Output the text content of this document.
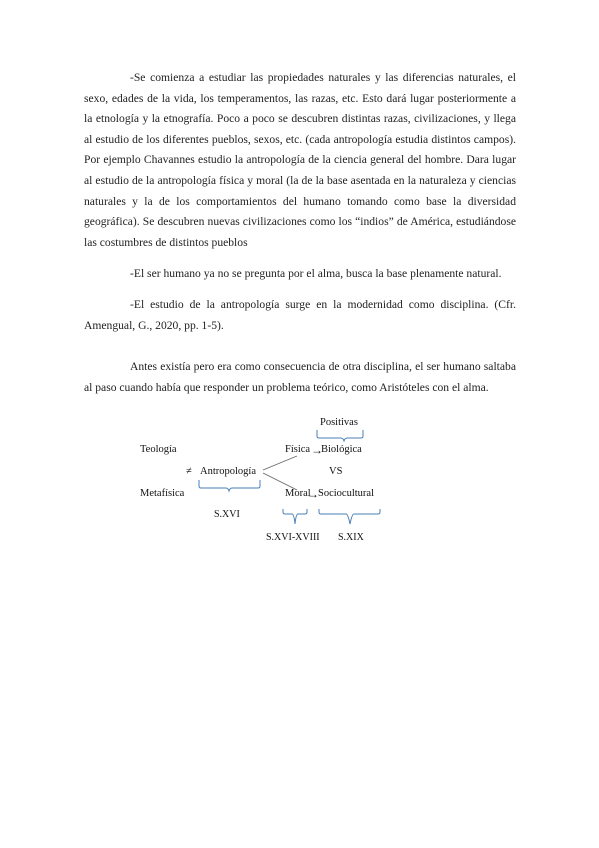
-Se comienza a estudiar las propiedades naturales y las diferencias naturales, el sexo, edades de la vida, los temperamentos, las razas, etc. Esto dará lugar posteriormente a la etnología y la etnografía. Poco a poco se descubren distintas razas, civilizaciones, y llega al estudio de los diferentes pueblos, sexos, etc. (cada antropología estudia distintos campos). Por ejemplo Chavannes estudio la antropología de la ciencia general del hombre. Dara lugar al estudio de la antropología física y moral (la de la base asentada en la naturaleza y ciencias naturales y la de los comportamientos del humano tomando como base la diversidad geográfica). Se descubren nuevas civilizaciones como los “indios” de América, estudiándose las costumbres de distintos pueblos

-El ser humano ya no se pregunta por el alma, busca la base plenamente natural.

-El estudio de la antropología surge en la modernidad como disciplina. (Cfr. Amengual, G., 2020, pp. 1-5).

Antes existía pero era como consecuencia de otra disciplina, el ser humano saltaba al paso cuando había que responder un problema teórico, como Aristóteles con el alma.

Positivas
Teología	Física →
Biológica
≠ Antropología	VS
Metafísica	Moral
→ Sociocultural
S.XVI
S.XVI-XVIII S.XIX
